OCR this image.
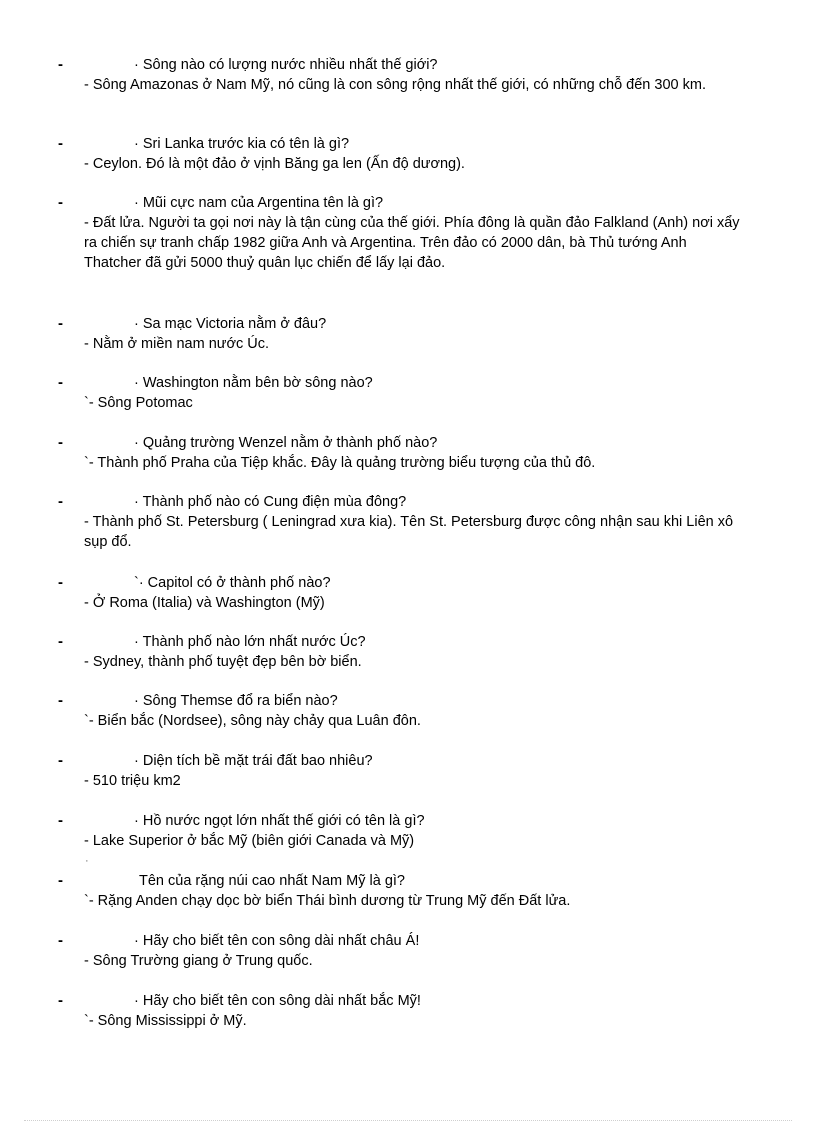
-	· Sông nào có lượng nước nhiều nhất thế giới?
- Sông Amazonas ở Nam Mỹ, nó cũng là con sông rộng nhất thế giới, có những chỗ đến 300 km.
-	· Sri Lanka trước kia có tên là gì?
- Ceylon. Đó là một đảo ở vịnh Băng ga len (Ấn độ dương).
-	· Mũi cực nam của Argentina tên là gì?
- Đất lửa. Người ta gọi nơi này là tận cùng của thế giới. Phía đông là quần đảo Falkland (Anh) nơi xẩy ra chiến sự tranh chấp 1982 giữa Anh và Argentina. Trên đảo có 2000 dân, bà Thủ tướng Anh Thatcher đã gửi 5000 thuỷ quân lục chiến để lấy lại đảo.
-	· Sa mạc Victoria nằm ở đâu?
- Nằm ở miền nam nước Úc.
-	· Washington nằm bên bờ sông nào?
`- Sông Potomac
-	· Quảng trường Wenzel nằm ở thành phố nào?
`- Thành phố Praha của Tiệp khắc. Đây là quảng trường biểu tượng của thủ đô.
-	· Thành phố nào có Cung điện mùa đông?
- Thành phố St. Petersburg ( Leningrad xưa kia). Tên St. Petersburg được công nhận sau khi Liên xô sụp đổ.
-	`· Capitol có ở thành phố nào?
- Ở Roma (Italia) và Washington (Mỹ)
-	· Thành phố nào lớn nhất nước Úc?
- Sydney, thành phố tuyệt đẹp bên bờ biển.
-	· Sông Themse đổ ra biển nào?
`- Biển bắc (Nordsee), sông này chảy qua Luân đôn.
-	· Diện tích bề mặt trái đất bao nhiêu?
- 510 triệu km2
-	· Hồ nước ngọt lớn nhất thế giới có tên là gì?
- Lake Superior ở bắc Mỹ (biên giới Canada và Mỹ)
·
-	Tên của rặng núi cao nhất Nam Mỹ là gì?
`- Rặng Anden chạy dọc bờ biển Thái bình dương từ Trung Mỹ đến Đất lửa.
-	· Hãy cho biết tên con sông dài nhất châu Á!
- Sông Trường giang ở Trung quốc.
-	· Hãy cho biết tên con sông dài nhất bắc Mỹ!
`- Sông Mississippi ở Mỹ.
